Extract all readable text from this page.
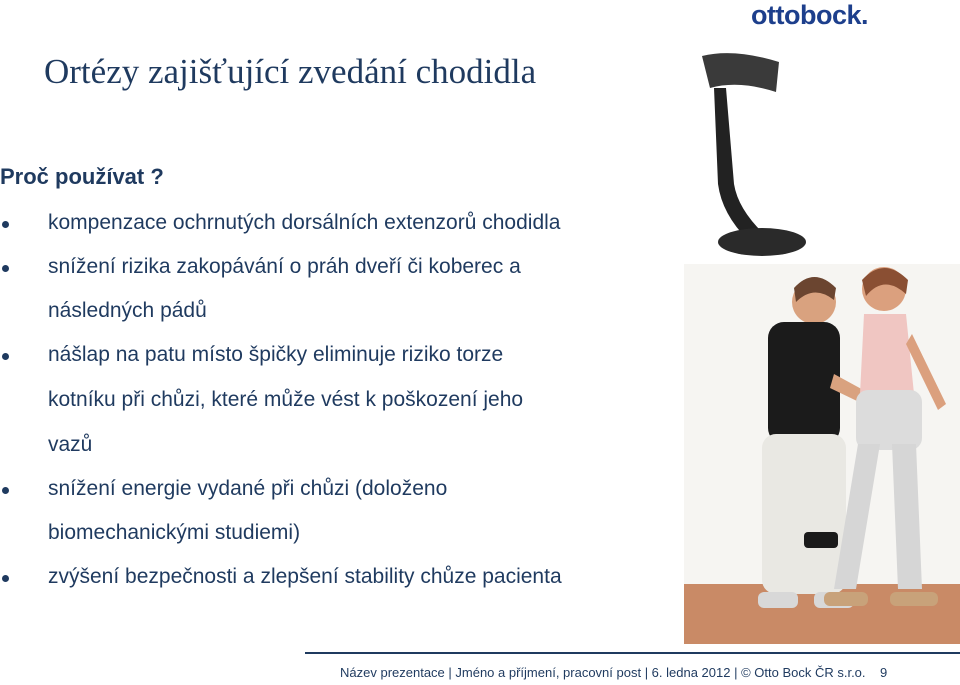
ottobock.
Ortézy zajišťující zvedání chodidla
Proč používat ?
kompenzace ochrnutých dorsálních extenzorů chodidla
snížení rizika zakopávání o práh dveří či koberec a
následných pádů
nášlap na patu místo špičky eliminuje riziko torze
kotníku při chůzi, které může vést k poškození jeho
vazů
snížení energie vydané při chůzi (doloženo
biomechanickými studiemi)
zvýšení bezpečnosti a zlepšení stability chůze pacienta
Název prezentace | Jméno a příjmení, pracovní post | 6. ledna 2012 | © Otto Bock ČR s.r.o. 9
